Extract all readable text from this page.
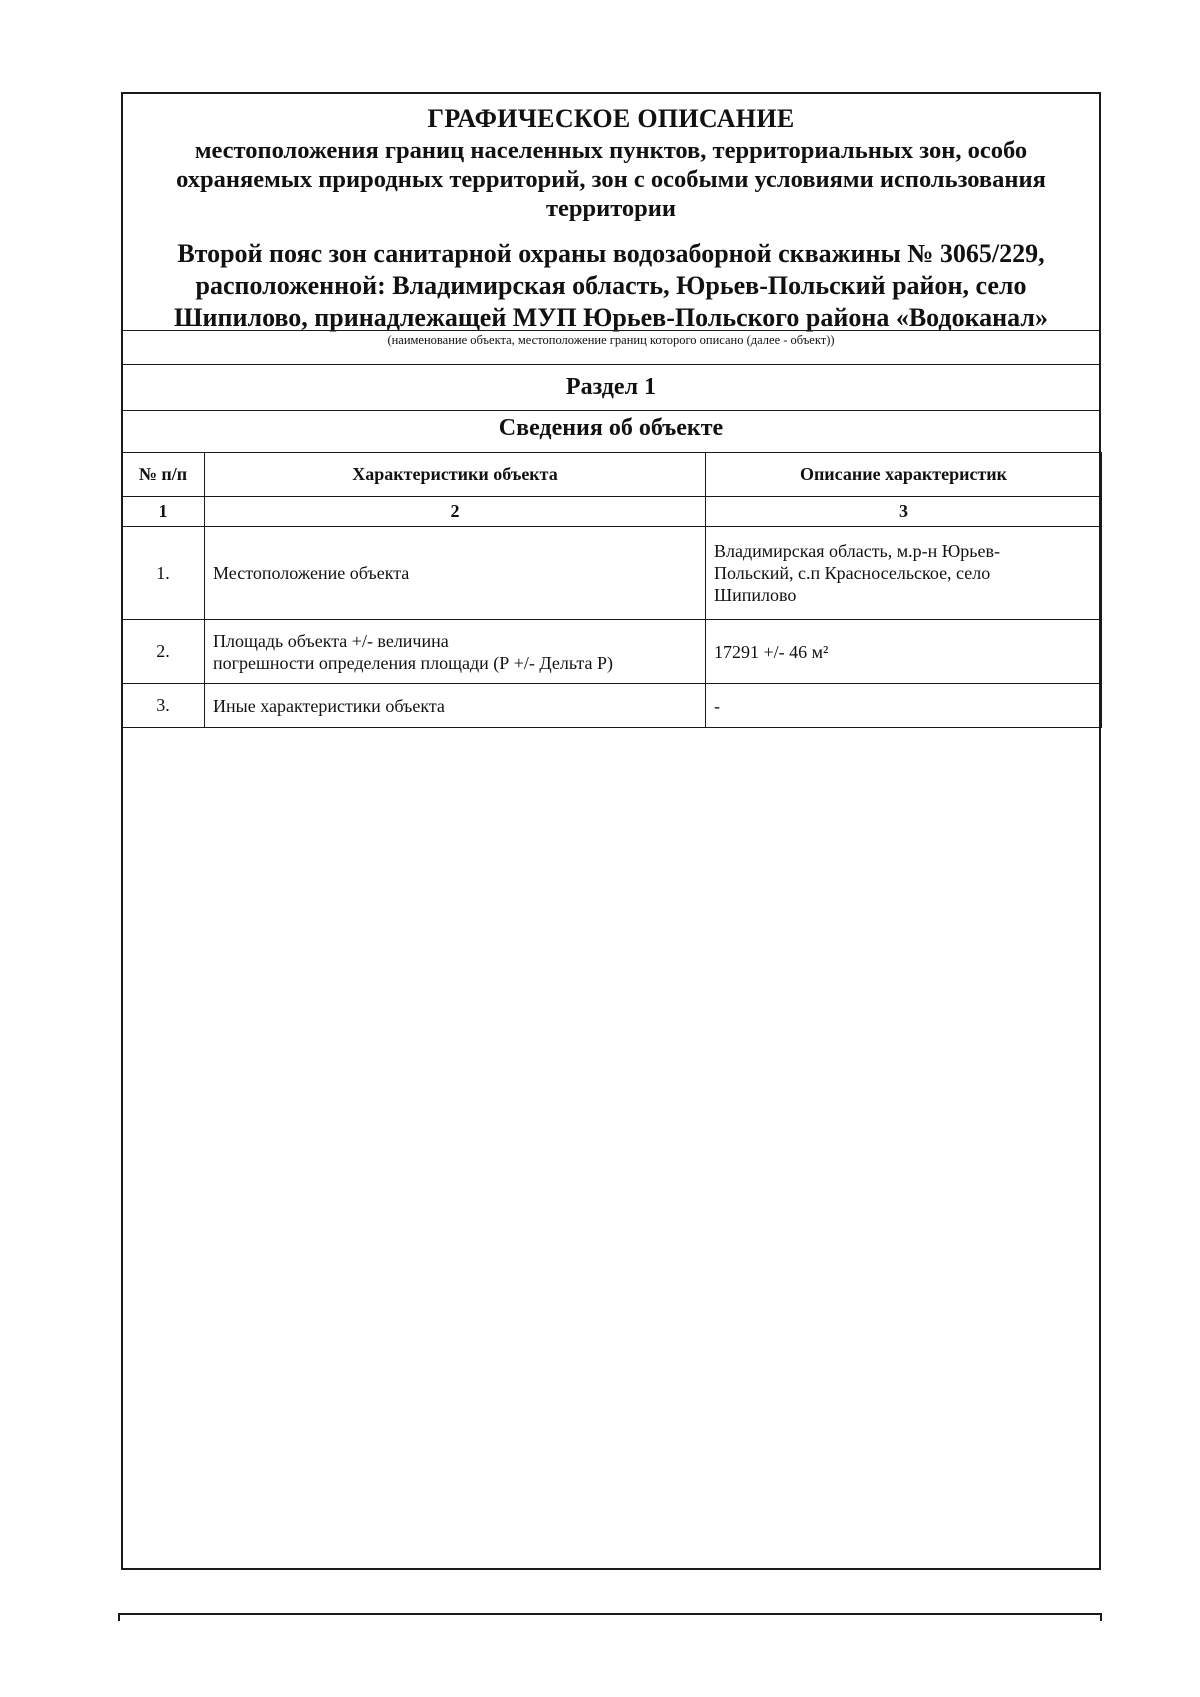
ГРАФИЧЕСКОЕ ОПИСАНИЕ
местоположения границ населенных пунктов, территориальных зон, особо
охраняемых природных территорий, зон с особыми условиями использования
территории
Второй пояс зон санитарной охраны водозаборной скважины № 3065/229,
расположенной: Владимирская область, Юрьев-Польский район, село
Шипилово, принадлежащей МУП Юрьев-Польского района «Водоканал»
(наименование объекта, местоположение границ которого описано (далее - объект))
Раздел 1
Сведения об объекте
№ п/п	Характеристики объекта	Описание характеристик
1	2	3
1.	Местоположение объекта	Владимирская область, м.р-н Юрьев-
Польский, с.п Красносельское, село
Шипилово

2.	Площадь объекта +/- величина
погрешности определения площади (Р +/- Дельта Р)	17291 +/- 46 м²
3.	Иные характеристики объекта	-
